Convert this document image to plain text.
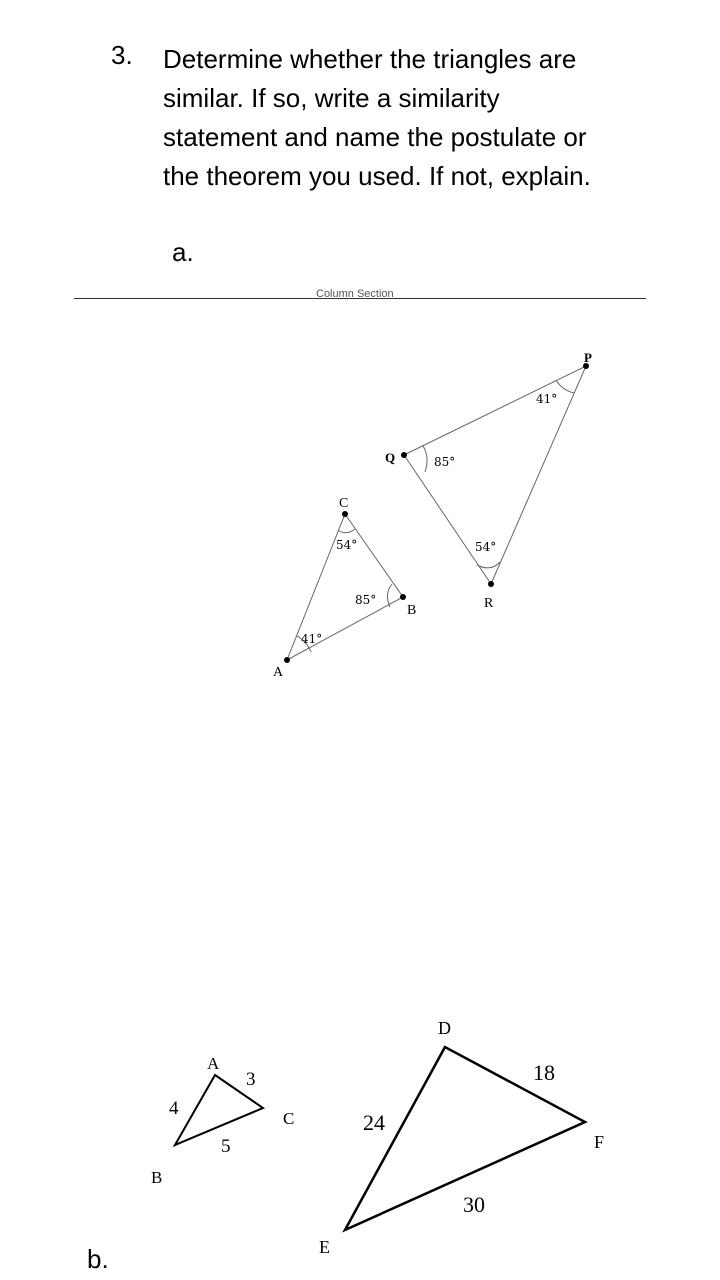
3. Determine whether the triangles are
similar. If so, write a similarity
statement and name the postulate or
the theorem you used. If not, explain.
a.
Column Section
A
C
B
41°
54°
85°
P
Q
R
41°
85°
54°
A
B
C
4
3
5
D
E
F
24
18
30
b.
